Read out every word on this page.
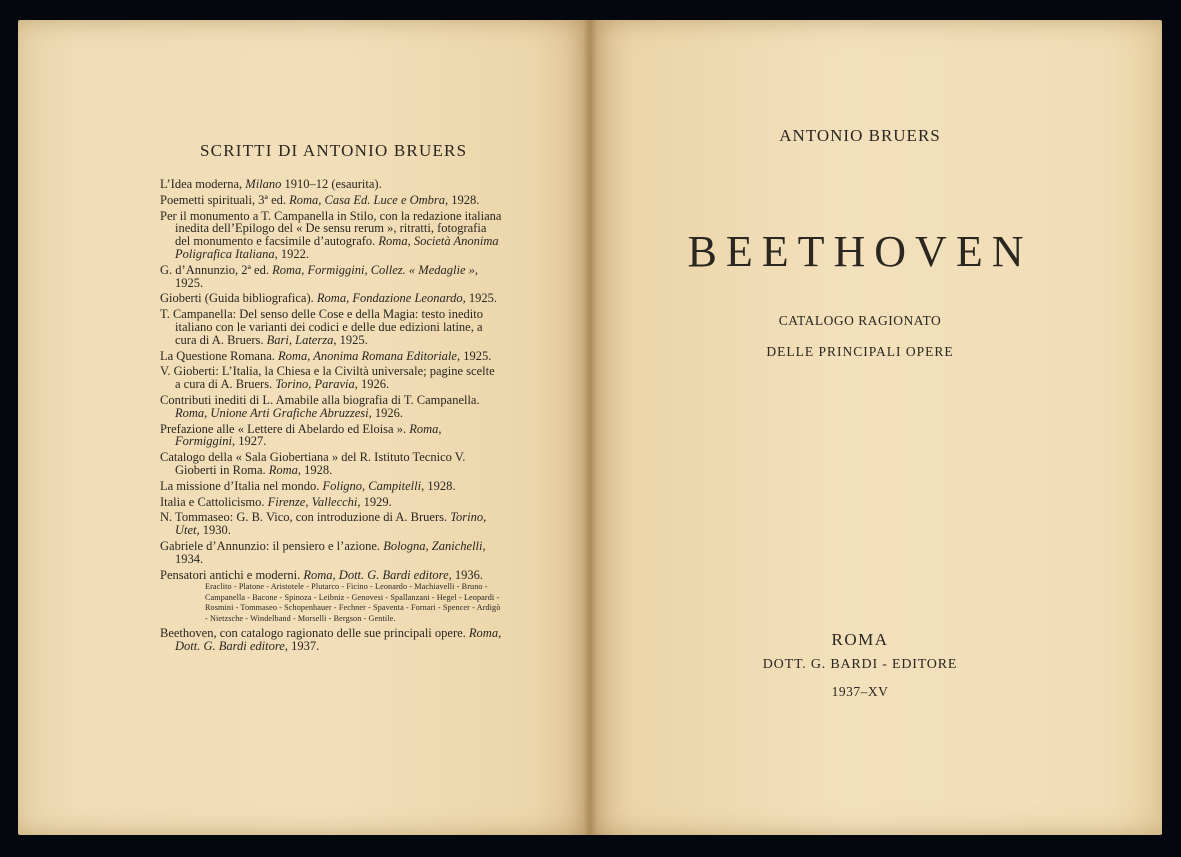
SCRITTI DI ANTONIO BRUERS
L’Idea moderna, Milano 1910–12 (esaurita).
Poemetti spirituali, 3ª ed. Roma, Casa Ed. Luce e Ombra, 1928.
Per il monumento a T. Campanella in Stilo, con la redazione italiana inedita dell’Epilogo del « De sensu rerum », ritratti, fotografia del monumento e facsimile d’autografo. Roma, Società Anonima Poligrafica Italiana, 1922.
G. d’Annunzio, 2ª ed. Roma, Formiggini, Collez. « Medaglie », 1925.
Gioberti (Guida bibliografica). Roma, Fondazione Leonardo, 1925.
T. Campanella: Del senso delle Cose e della Magia: testo inedito italiano con le varianti dei codici e delle due edizioni latine, a cura di A. Bruers. Bari, Laterza, 1925.
La Questione Romana. Roma, Anonima Romana Editoriale, 1925.
V. Gioberti: L’Italia, la Chiesa e la Civiltà universale; pagine scelte a cura di A. Bruers. Torino, Paravia, 1926.
Contributi inediti di L. Amabile alla biografia di T. Campanella. Roma, Unione Arti Grafiche Abruzzesi, 1926.
Prefazione alle « Lettere di Abelardo ed Eloisa ». Roma, Formiggini, 1927.
Catalogo della « Sala Giobertiana » del R. Istituto Tecnico V. Gioberti in Roma. Roma, 1928.
La missione d’Italia nel mondo. Foligno, Campitelli, 1928.
Italia e Cattolicismo. Firenze, Vallecchi, 1929.
N. Tommaseo: G. B. Vico, con introduzione di A. Bruers. Torino, Utet, 1930.
Gabriele d’Annunzio: il pensiero e l’azione. Bologna, Zanichelli, 1934.
Pensatori antichi e moderni. Roma, Dott. G. Bardi editore, 1936.
Eraclito - Platone - Aristotele - Plutarco - Ficino - Leonardo - Machiavelli - Bruno - Campanella - Bacone - Spinoza - Leibniz - Genovesi - Spallanzani - Hegel - Leopardi - Rosmini - Tommaseo - Schopenhauer - Fechner - Spaventa - Fornari - Spencer - Ardigò - Nietzsche - Windelband - Morselli - Bergson - Gentile.
Beethoven, con catalogo ragionato delle sue principali opere. Roma, Dott. G. Bardi editore, 1937.
ANTONIO BRUERS
BEETHOVEN

CATALOGO RAGIONATO

DELLE PRINCIPALI OPERE

ROMA

DOTT. G. BARDI - EDITORE

1937–XV
